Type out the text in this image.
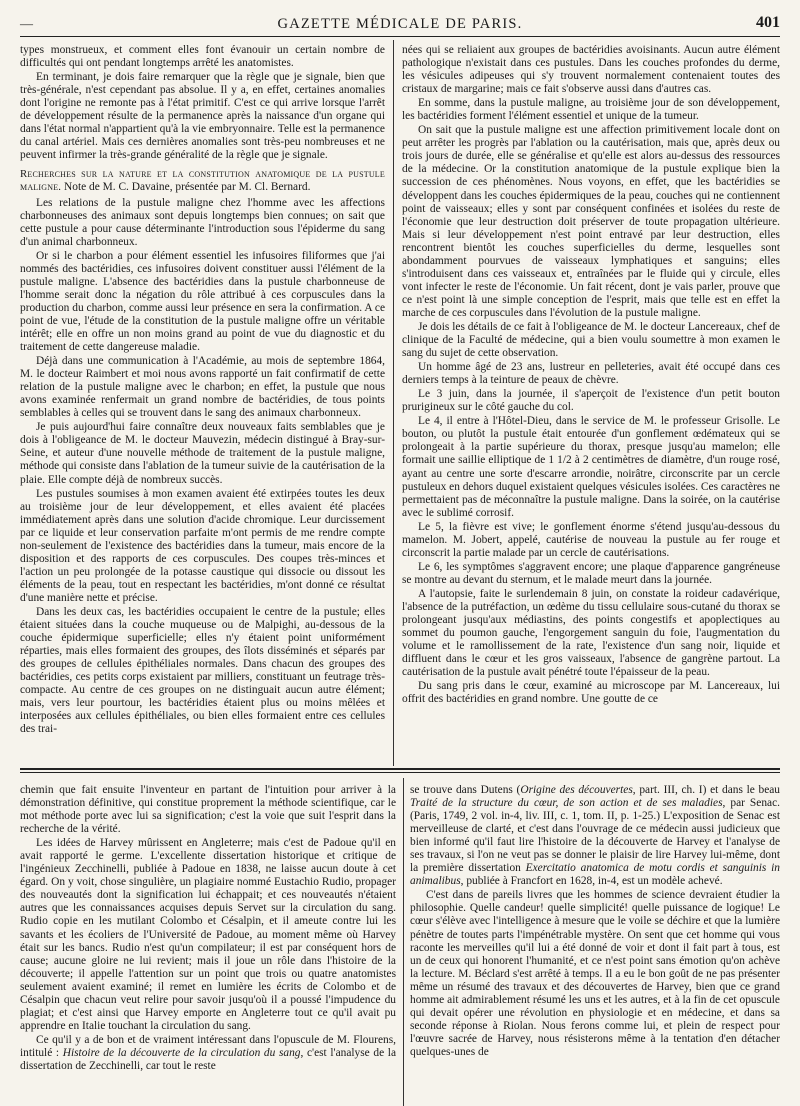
—	GAZETTE MÉDICALE DE PARIS.	401

types monstrueux, et comment elles font évanouir un certain nombre de difficultés qui ont pendant longtemps arrêté les anatomistes.

En terminant, je dois faire remarquer que la règle que je signale, bien que très-générale, n'est cependant pas absolue. Il y a, en effet, certaines anomalies dont l'origine ne remonte pas à l'état primitif. C'est ce qui arrive lorsque l'arrêt de développement résulte de la permanence après la naissance d'un organe qui dans l'état normal n'appartient qu'à la vie embryonnaire. Telle est la permanence du canal artériel. Mais ces dernières anomalies sont très-peu nombreuses et ne peuvent infirmer la très-grande généralité de la règle que je signale.

Recherches sur la nature et la constitution anatomique de la pustule maligne. Note de M. C. Davaine, présentée par M. Cl. Bernard.

Les relations de la pustule maligne chez l'homme avec les affections charbonneuses des animaux sont depuis longtemps bien connues; on sait que cette pustule a pour cause déterminante l'introduction sous l'épiderme du sang d'un animal charbonneux.

Or si le charbon a pour élément essentiel les infusoires filiformes que j'ai nommés des bactéridies, ces infusoires doivent constituer aussi l'élément de la pustule maligne. L'absence des bactéridies dans la pustule charbonneuse de l'homme serait donc la négation du rôle attribué à ces corpuscules dans la production du charbon, comme aussi leur présence en sera la confirmation. A ce point de vue, l'étude de la constitution de la pustule maligne offre un véritable intérêt; elle en offre un non moins grand au point de vue du diagnostic et du traitement de cette dangereuse maladie.

Déjà dans une communication à l'Académie, au mois de septembre 1864, M. le docteur Raimbert et moi nous avons rapporté un fait confirmatif de cette relation de la pustule maligne avec le charbon; en effet, la pustule que nous avons examinée renfermait un grand nombre de bactéridies, de tous points semblables à celles qui se trouvent dans le sang des animaux charbonneux.

Je puis aujourd'hui faire connaître deux nouveaux faits semblables que je dois à l'obligeance de M. le docteur Mauvezin, médecin distingué à Bray-sur-Seine, et auteur d'une nouvelle méthode de traitement de la pustule maligne, méthode qui consiste dans l'ablation de la tumeur suivie de la cautérisation de la plaie. Elle compte déjà de nombreux succès.

Les pustules soumises à mon examen avaient été extirpées toutes les deux au troisième jour de leur développement, et elles avaient été placées immédiatement après dans une solution d'acide chromique. Leur durcissement par ce liquide et leur conservation parfaite m'ont permis de me rendre compte non-seulement de l'existence des bactéridies dans la tumeur, mais encore de la disposition et des rapports de ces corpuscules. Des coupes très-minces et l'action un peu prolongée de la potasse caustique qui dissocie ou dissout les éléments de la peau, tout en respectant les bactéridies, m'ont donné ce résultat d'une manière nette et précise.

Dans les deux cas, les bactéridies occupaient le centre de la pustule; elles étaient situées dans la couche muqueuse ou de Malpighi, au-dessous de la couche épidermique superficielle; elles n'y étaient point uniformément réparties, mais elles formaient des groupes, des îlots disséminés et séparés par des groupes de cellules épithéliales normales. Dans chacun des groupes des bactéridies, ces petits corps existaient par milliers, constituant un feutrage très-compacte. Au centre de ces groupes on ne distinguait aucun autre élément; mais, vers leur pourtour, les bactéridies étaient plus ou moins mêlées et interposées aux cellules épithéliales, ou bien elles formaient entre ces cellules des trai-

nées qui se reliaient aux groupes de bactéridies avoisinants. Aucun autre élément pathologique n'existait dans ces pustules. Dans les couches profondes du derme, les vésicules adipeuses qui s'y trouvent normalement contenaient toutes des cristaux de margarine; mais ce fait s'observe aussi dans d'autres cas.

En somme, dans la pustule maligne, au troisième jour de son développement, les bactéridies forment l'élément essentiel et unique de la tumeur.

On sait que la pustule maligne est une affection primitivement locale dont on peut arrêter les progrès par l'ablation ou la cautérisation, mais que, après deux ou trois jours de durée, elle se généralise et qu'elle est alors au-dessus des ressources de la médecine. Or la constitution anatomique de la pustule explique bien la succession de ces phénomènes. Nous voyons, en effet, que les bactéridies se développent dans les couches épidermiques de la peau, couches qui ne contiennent point de vaisseaux; elles y sont par conséquent confinées et isolées du reste de l'économie que leur destruction doit préserver de toute propagation ultérieure. Mais si leur développement n'est point entravé par leur destruction, elles rencontrent bientôt les couches superficielles du derme, lesquelles sont abondamment pourvues de vaisseaux lymphatiques et sanguins; elles s'introduisent dans ces vaisseaux et, entraînées par le fluide qui y circule, elles vont infecter le reste de l'économie. Un fait récent, dont je vais parler, prouve que ce n'est point là une simple conception de l'esprit, mais que telle est en effet la marche de ces corpuscules dans l'évolution de la pustule maligne.

Je dois les détails de ce fait à l'obligeance de M. le docteur Lancereaux, chef de clinique de la Faculté de médecine, qui a bien voulu soumettre à mon examen le sang du sujet de cette observation.

Un homme âgé de 23 ans, lustreur en pelleteries, avait été occupé dans ces derniers temps à la teinture de peaux de chèvre.

Le 3 juin, dans la journée, il s'aperçoit de l'existence d'un petit bouton prurigineux sur le côté gauche du col.

Le 4, il entre à l'Hôtel-Dieu, dans le service de M. le professeur Grisolle. Le bouton, ou plutôt la pustule était entourée d'un gonflement œdémateux qui se prolongeait à la partie supérieure du thorax, presque jusqu'au mamelon; elle formait une saillie elliptique de 1 1/2 à 2 centimètres de diamètre, d'un rouge rosé, ayant au centre une sorte d'escarre arrondie, noirâtre, circonscrite par un cercle pustuleux en dehors duquel existaient quelques vésicules isolées. Ces caractères ne permettaient pas de méconnaître la pustule maligne. Dans la soirée, on la cautérise avec le sublimé corrosif.

Le 5, la fièvre est vive; le gonflement énorme s'étend jusqu'au-dessous du mamelon. M. Jobert, appelé, cautérise de nouveau la pustule au fer rouge et circonscrit la partie malade par un cercle de cautérisations.

Le 6, les symptômes s'aggravent encore; une plaque d'apparence gangréneuse se montre au devant du sternum, et le malade meurt dans la journée.

A l'autopsie, faite le surlendemain 8 juin, on constate la roideur cadavérique, l'absence de la putréfaction, un œdème du tissu cellulaire sous-cutané du thorax se prolongeant jusqu'aux médiastins, des points congestifs et apoplectiques au sommet du poumon gauche, l'engorgement sanguin du foie, l'augmentation du volume et le ramollissement de la rate, l'existence d'un sang noir, liquide et diffluent dans le cœur et les gros vaisseaux, l'absence de gangrène partout. La cautérisation de la pustule avait pénétré toute l'épaisseur de la peau.

Du sang pris dans le cœur, examiné au microscope par M. Lancereaux, lui offrit des bactéridies en grand nombre. Une goutte de ce

chemin que fait ensuite l'inventeur en partant de l'intuition pour arriver à la démonstration définitive, qui constitue proprement la méthode scientifique, car le mot méthode porte avec lui sa signification; c'est la voie que suit l'esprit dans la recherche de la vérité.

Les idées de Harvey mûrissent en Angleterre; mais c'est de Padoue qu'il en avait rapporté le germe. L'excellente dissertation historique et critique de l'ingénieux Zecchinelli, publiée à Padoue en 1838, ne laisse aucun doute à cet égard. On y voit, chose singulière, un plagiaire nommé Eustachio Rudio, propager des nouveautés dont la signification lui échappait; et ces nouveautés n'étaient autres que les connaissances acquises depuis Servet sur la circulation du sang. Rudio copie en les mutilant Colombo et Césalpin, et il ameute contre lui les savants et les écoliers de l'Université de Padoue, au moment même où Harvey était sur les bancs. Rudio n'est qu'un compilateur; il est par conséquent hors de cause; aucune gloire ne lui revient; mais il joue un rôle dans l'histoire de la découverte; il appelle l'attention sur un point que trois ou quatre anatomistes seulement avaient examiné; il remet en lumière les écrits de Colombo et de Césalpin que chacun veut relire pour savoir jusqu'où il a poussé l'impudence du plagiat; et c'est ainsi que Harvey emporte en Angleterre tout ce qu'il avait pu apprendre en Italie touchant la circulation du sang.

Ce qu'il y a de bon et de vraiment intéressant dans l'opuscule de M. Flourens, intitulé : Histoire de la découverte de la circulation du sang, c'est l'analyse de la dissertation de Zecchinelli, car tout le reste

se trouve dans Dutens (Origine des découvertes, part. III, ch. I) et dans le beau Traité de la structure du cœur, de son action et de ses maladies, par Senac. (Paris, 1749, 2 vol. in-4, liv. III, c. 1, tom. II, p. 1-25.) L'exposition de Senac est merveilleuse de clarté, et c'est dans l'ouvrage de ce médecin aussi judicieux que bien informé qu'il faut lire l'histoire de la découverte de Harvey et l'analyse de ses travaux, si l'on ne veut pas se donner le plaisir de lire Harvey lui-même, dont la première dissertation Exercitatio anatomica de motu cordis et sanguinis in animalibus, publiée à Francfort en 1628, in-4, est un modèle achevé.

C'est dans de pareils livres que les hommes de science devraient étudier la philosophie. Quelle candeur! quelle simplicité! quelle puissance de logique! Le cœur s'élève avec l'intelligence à mesure que le voile se déchire et que la lumière pénètre de toutes parts l'impénétrable mystère. On sent que cet homme qui vous raconte les merveilles qu'il lui a été donné de voir et dont il fait part à tous, est un de ceux qui honorent l'humanité, et ce n'est point sans émotion qu'on achève la lecture. M. Béclard s'est arrêté à temps. Il a eu le bon goût de ne pas présenter même un résumé des travaux et des découvertes de Harvey, bien que ce grand homme ait admirablement résumé les uns et les autres, et à la fin de cet opuscule qui devait opérer une révolution en physiologie et en médecine, et dans sa seconde réponse à Riolan. Nous ferons comme lui, et plein de respect pour l'œuvre sacrée de Harvey, nous résisterons même à la tentation d'en détacher quelques-unes de
